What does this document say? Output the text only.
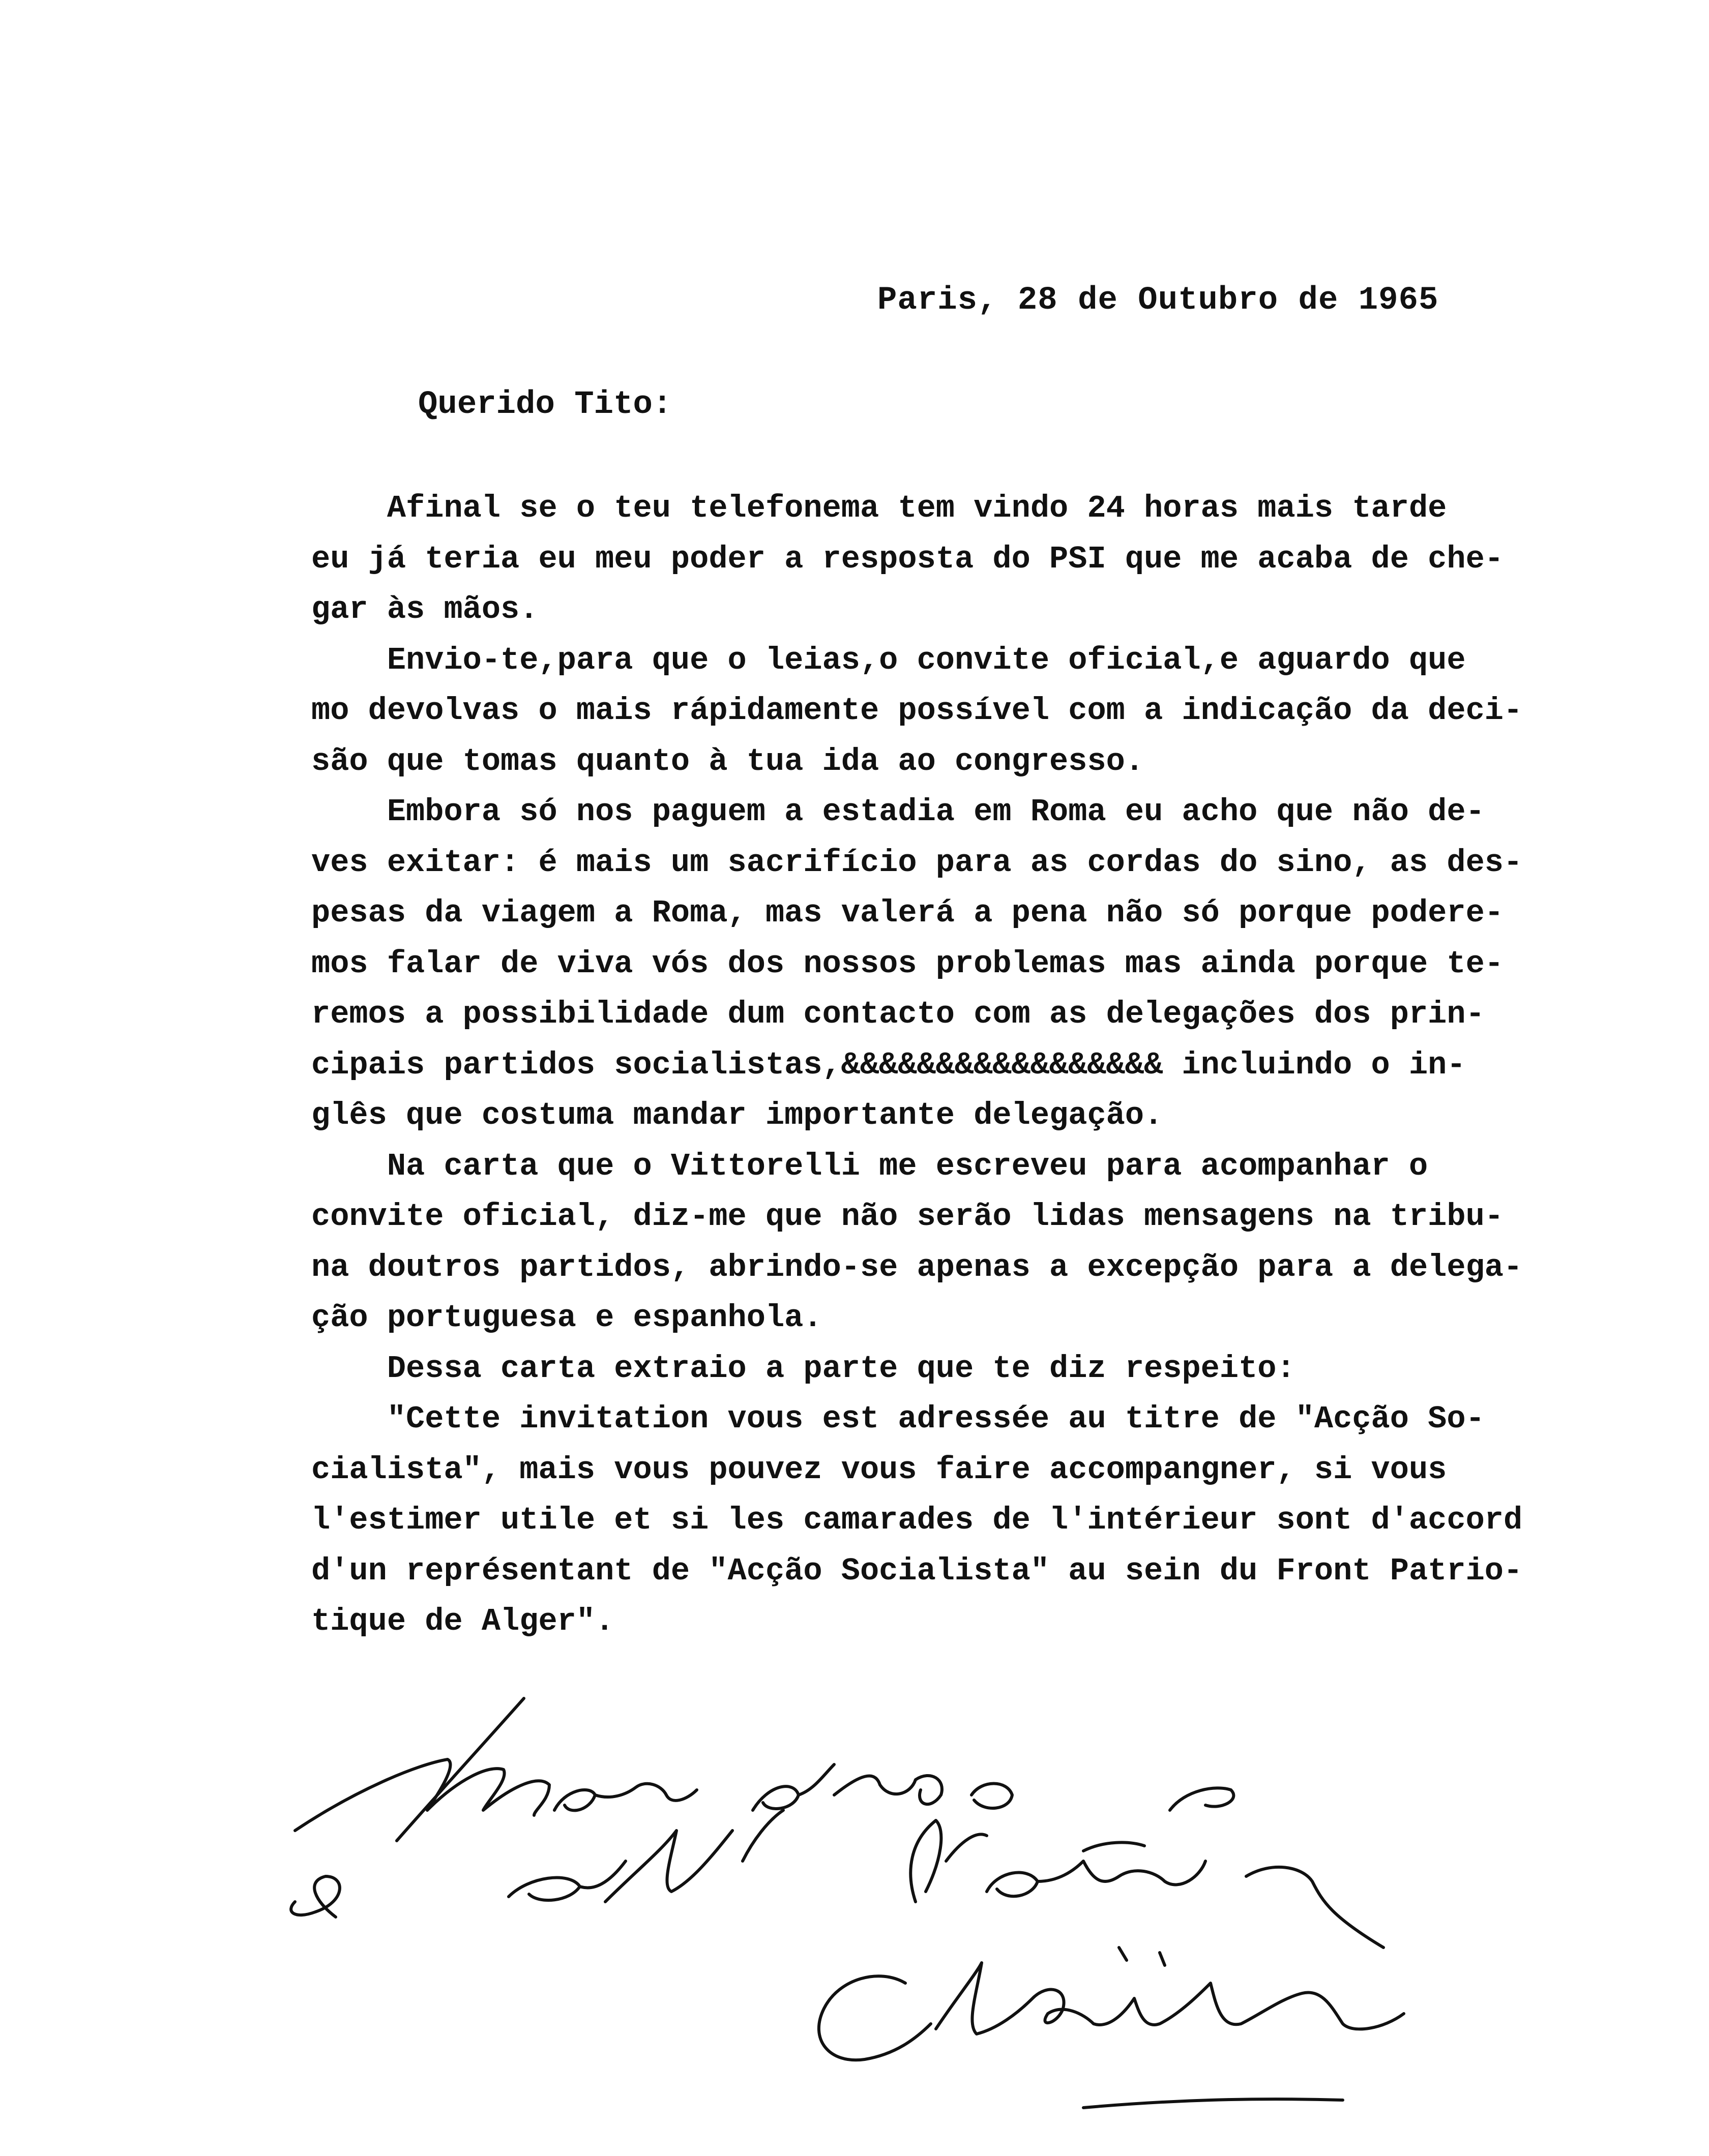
Paris, 28 de Outubro de 1965
Querido Tito:
Afinal se o teu telefonema tem vindo 24 horas mais tarde
eu já teria eu meu poder a resposta do PSI que me acaba de che-
gar às mãos.
Envio-te,para que o leias,o convite oficial,e aguardo que
mo devolvas o mais rápidamente possível com a indicação da deci-
são que tomas quanto à tua ida ao congresso.
Embora só nos paguem a estadia em Roma eu acho que não de-
ves exitar: é mais um sacrifício para as cordas do sino, as des-
pesas da viagem a Roma, mas valerá a pena não só porque podere-
mos falar de viva vós dos nossos problemas mas ainda porque te-
remos a possibilidade dum contacto com as delegações dos prin-
cipais partidos socialistas,&&&&&&&&&&&&&&&&& incluindo o in-
glês que costuma mandar importante delegação.
Na carta que o Vittorelli me escreveu para acompanhar o
convite oficial, diz-me que não serão lidas mensagens na tribu-
na doutros partidos, abrindo-se apenas a excepção para a delega-
ção portuguesa e espanhola.
Dessa carta extraio a parte que te diz respeito:
"Cette invitation vous est adressée au titre de "Acção So-
cialista", mais vous pouvez vous faire accompangner, si vous
l'estimer utile et si les camarades de l'intérieur sont d'accord
d'un représentant de "Acção Socialista" au sein du Front Patrio-
tique de Alger".
